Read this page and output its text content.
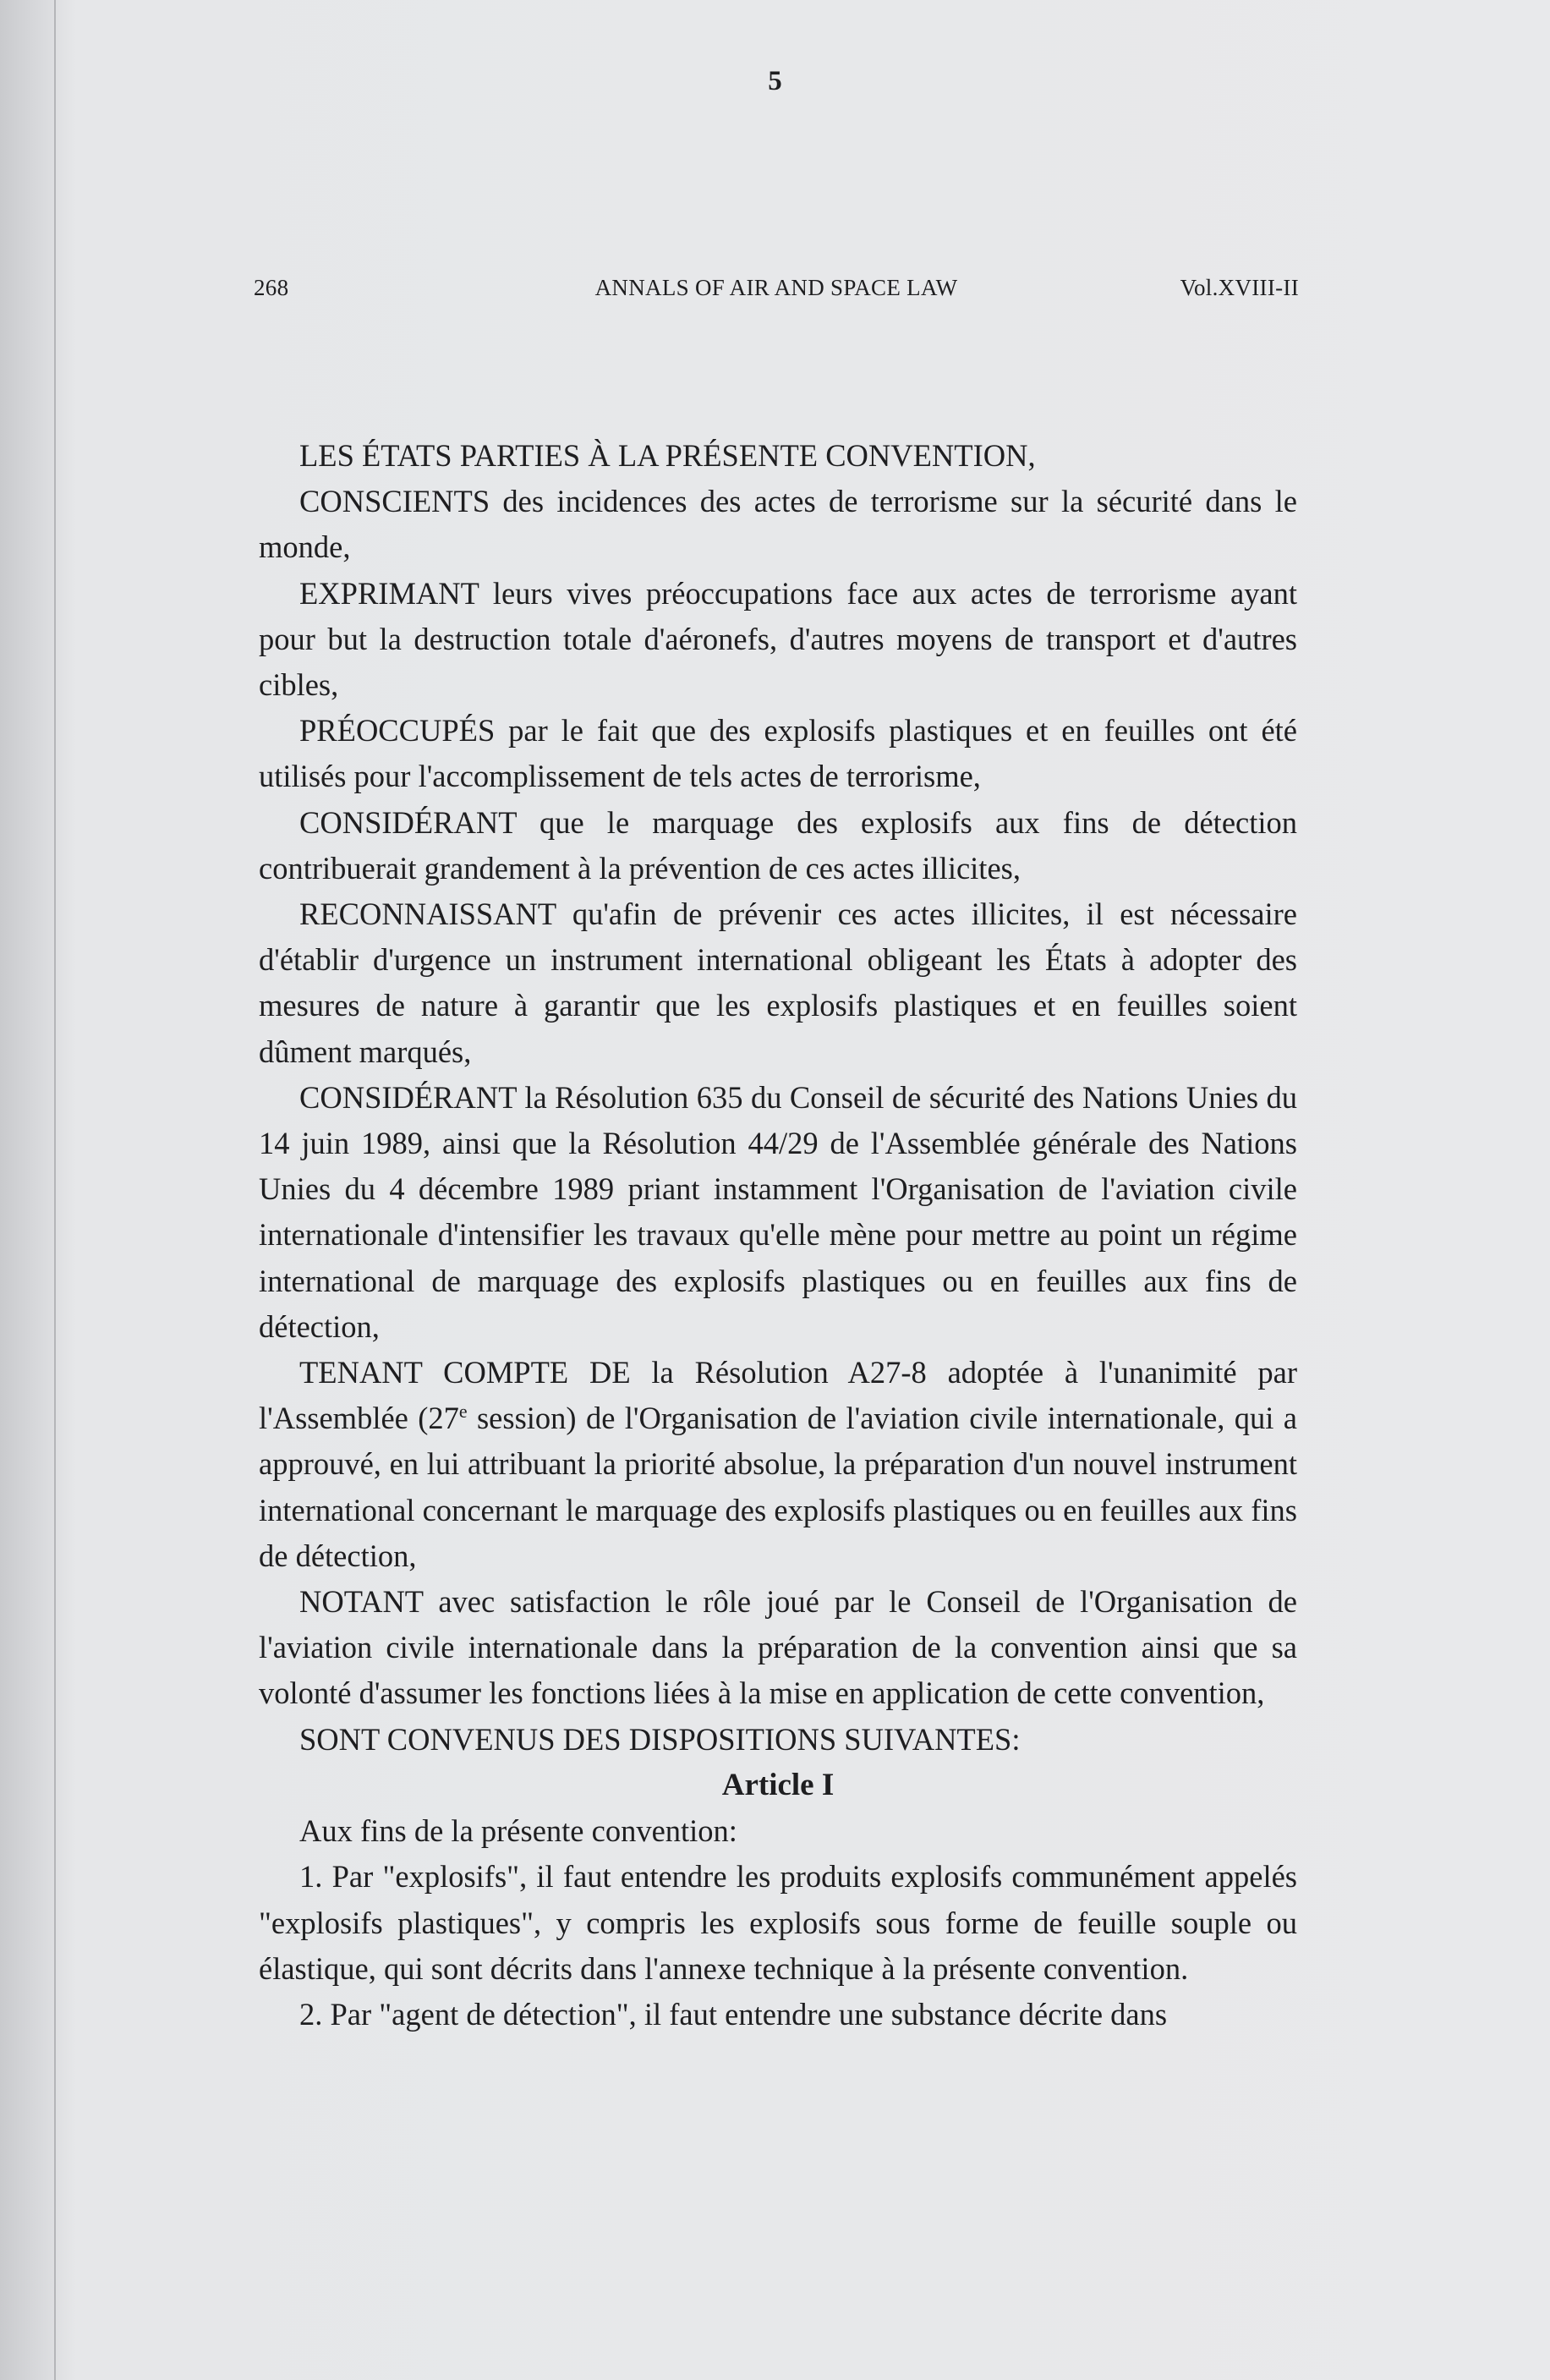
5
268	ANNALS OF AIR AND SPACE LAW	Vol.XVIII-II

LES ÉTATS PARTIES À LA PRÉSENTE CONVENTION,

CONSCIENTS des incidences des actes de terrorisme sur la sécurité dans le monde,

EXPRIMANT leurs vives préoccupations face aux actes de terrorisme ayant pour but la destruction totale d'aéronefs, d'autres moyens de transport et d'autres cibles,

PRÉOCCUPÉS par le fait que des explosifs plastiques et en feuilles ont été utilisés pour l'accomplissement de tels actes de terrorisme,

CONSIDÉRANT que le marquage des explosifs aux fins de détection contribuerait grandement à la prévention de ces actes illicites,

RECONNAISSANT qu'afin de prévenir ces actes illicites, il est nécessaire d'établir d'urgence un instrument international obligeant les États à adopter des mesures de nature à garantir que les explosifs plastiques et en feuilles soient dûment marqués,

CONSIDÉRANT la Résolution 635 du Conseil de sécurité des Nations Unies du 14 juin 1989, ainsi que la Résolution 44/29 de l'Assemblée générale des Nations Unies du 4 décembre 1989 priant instamment l'Organisation de l'aviation civile internationale d'intensifier les travaux qu'elle mène pour mettre au point un régime international de marquage des explosifs plastiques ou en feuilles aux fins de détection,

TENANT COMPTE DE la Résolution A27-8 adoptée à l'unanimité par l'Assemblée (27e session) de l'Organisation de l'aviation civile internationale, qui a approuvé, en lui attribuant la priorité absolue, la préparation d'un nouvel instrument international concernant le marquage des explosifs plastiques ou en feuilles aux fins de détection,

NOTANT avec satisfaction le rôle joué par le Conseil de l'Organisation de l'aviation civile internationale dans la préparation de la convention ainsi que sa volonté d'assumer les fonctions liées à la mise en application de cette convention,

SONT CONVENUS DES DISPOSITIONS SUIVANTES:

Article I

Aux fins de la présente convention:

1. Par "explosifs", il faut entendre les produits explosifs communément appelés "explosifs plastiques", y compris les explosifs sous forme de feuille souple ou élastique, qui sont décrits dans l'annexe technique à la présente convention.

2. Par "agent de détection", il faut entendre une substance décrite dans
